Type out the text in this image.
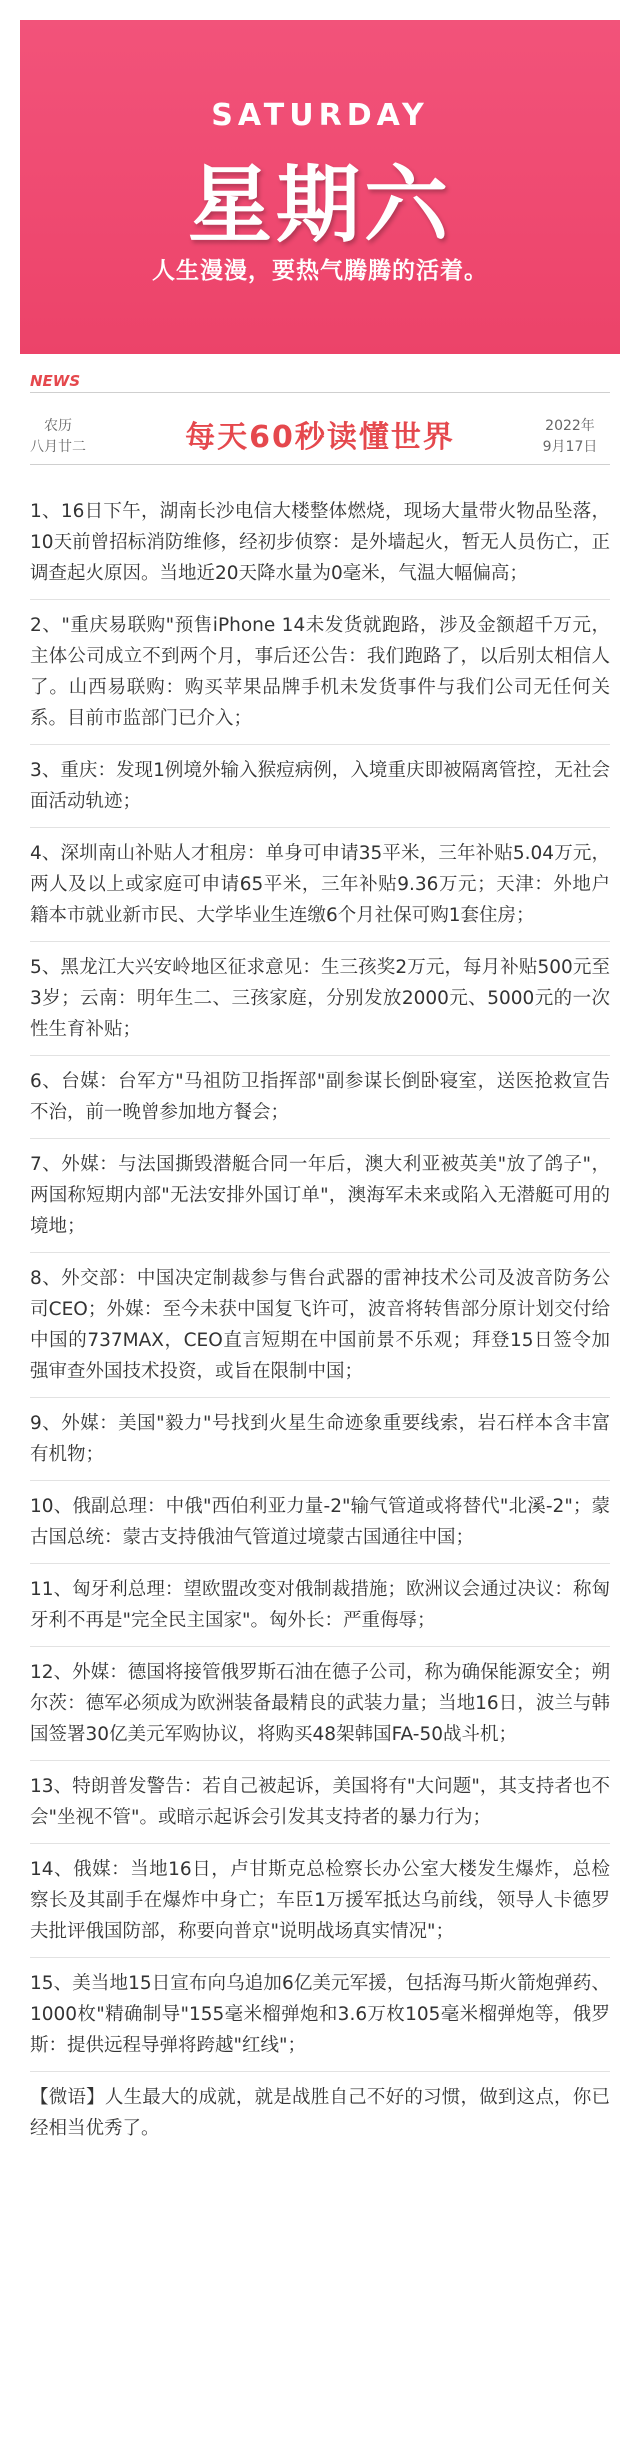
SATURDAY
星期六
人生漫漫，要热气腾腾的活着。
NEWS
农历
八月廿二	每天60秒读懂世界	2022年
9月17日
1、16日下午，湖南长沙电信大楼整体燃烧，现场大量带火物品坠落，10天前曾招标消防维修，经初步侦察：是外墙起火，暂无人员伤亡，正调查起火原因。当地近20天降水量为0毫米，气温大幅偏高；
2、"重庆易联购"预售iPhone 14未发货就跑路，涉及金额超千万元，主体公司成立不到两个月，事后还公告：我们跑路了，以后别太相信人了。山西易联购：购买苹果品牌手机未发货事件与我们公司无任何关系。目前市监部门已介入；
3、重庆：发现1例境外输入猴痘病例，入境重庆即被隔离管控，无社会面活动轨迹；
4、深圳南山补贴人才租房：单身可申请35平米，三年补贴5.04万元，两人及以上或家庭可申请65平米，三年补贴9.36万元；天津：外地户籍本市就业新市民、大学毕业生连缴6个月社保可购1套住房；
5、黑龙江大兴安岭地区征求意见：生三孩奖2万元，每月补贴500元至3岁；云南：明年生二、三孩家庭，分别发放2000元、5000元的一次性生育补贴；
6、台媒：台军方"马祖防卫指挥部"副参谋长倒卧寝室，送医抢救宣告不治，前一晚曾参加地方餐会；
7、外媒：与法国撕毁潜艇合同一年后，澳大利亚被英美"放了鸽子"，两国称短期内部"无法安排外国订单"，澳海军未来或陷入无潜艇可用的境地；
8、外交部：中国决定制裁参与售台武器的雷神技术公司及波音防务公司CEO；外媒：至今未获中国复飞许可，波音将转售部分原计划交付给中国的737MAX，CEO直言短期在中国前景不乐观；拜登15日签令加强审查外国技术投资，或旨在限制中国；
9、外媒：美国"毅力"号找到火星生命迹象重要线索，岩石样本含丰富有机物；
10、俄副总理：中俄"西伯利亚力量-2"输气管道或将替代"北溪-2"；蒙古国总统：蒙古支持俄油气管道过境蒙古国通往中国；
11、匈牙利总理：望欧盟改变对俄制裁措施；欧洲议会通过决议：称匈牙利不再是"完全民主国家"。匈外长：严重侮辱；
12、外媒：德国将接管俄罗斯石油在德子公司，称为确保能源安全；朔尔茨：德军必须成为欧洲装备最精良的武装力量；当地16日，波兰与韩国签署30亿美元军购协议，将购买48架韩国FA-50战斗机；
13、特朗普发警告：若自己被起诉，美国将有"大问题"，其支持者也不会"坐视不管"。或暗示起诉会引发其支持者的暴力行为；
14、俄媒：当地16日，卢甘斯克总检察长办公室大楼发生爆炸，总检察长及其副手在爆炸中身亡；车臣1万援军抵达乌前线，领导人卡德罗夫批评俄国防部，称要向普京"说明战场真实情况"；
15、美当地15日宣布向乌追加6亿美元军援，包括海马斯火箭炮弹药、1000枚"精确制导"155毫米榴弹炮和3.6万枚105毫米榴弹炮等，俄罗斯：提供远程导弹将跨越"红线"；
【微语】人生最大的成就，就是战胜自己不好的习惯，做到这点，你已经相当优秀了。
